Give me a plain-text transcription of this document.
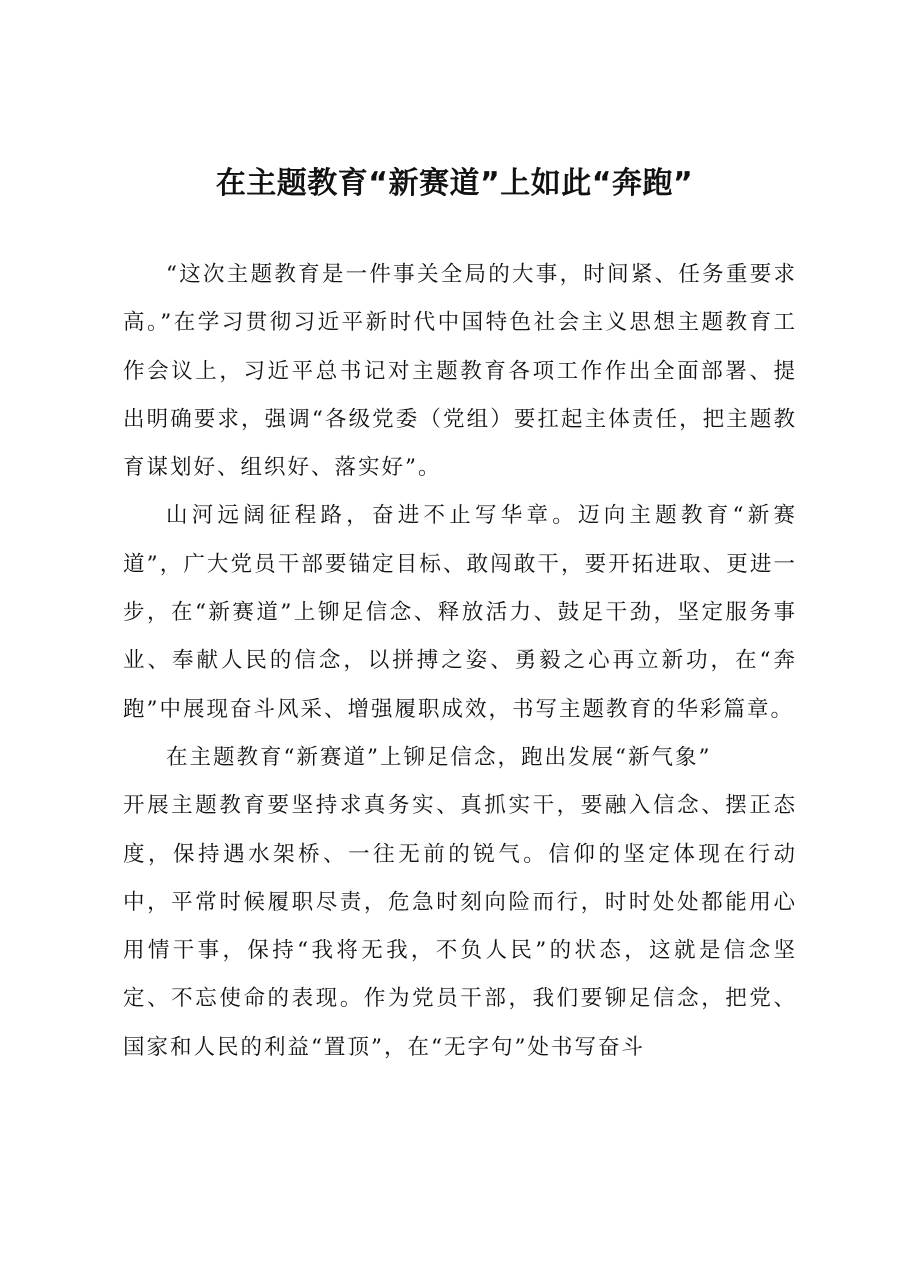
在主题教育“新赛道”上如此“奔跑”

“这次主题教育是一件事关全局的大事，时间紧、任务重要求高。”在学习贯彻习近平新时代中国特色社会主义思想主题教育工作会议上，习近平总书记对主题教育各项工作作出全面部署、提出明确要求，强调“各级党委（党组）要扛起主体责任，把主题教育谋划好、组织好、落实好”。

山河远阔征程路，奋进不止写华章。迈向主题教育“新赛道”，广大党员干部要锚定目标、敢闯敢干，要开拓进取、更进一步，在“新赛道”上铆足信念、释放活力、鼓足干劲，坚定服务事业、奉献人民的信念，以拼搏之姿、勇毅之心再立新功，在“奔跑”中展现奋斗风采、增强履职成效，书写主题教育的华彩篇章。

在主题教育“新赛道”上铆足信念，跑出发展“新气象”

开展主题教育要坚持求真务实、真抓实干，要融入信念、摆正态度，保持遇水架桥、一往无前的锐气。信仰的坚定体现在行动中，平常时候履职尽责，危急时刻向险而行，时时处处都能用心用情干事，保持“我将无我，不负人民”的状态，这就是信念坚定、不忘使命的表现。作为党员干部，我们要铆足信念，把党、国家和人民的利益“置顶”，在“无字句”处书写奋斗
